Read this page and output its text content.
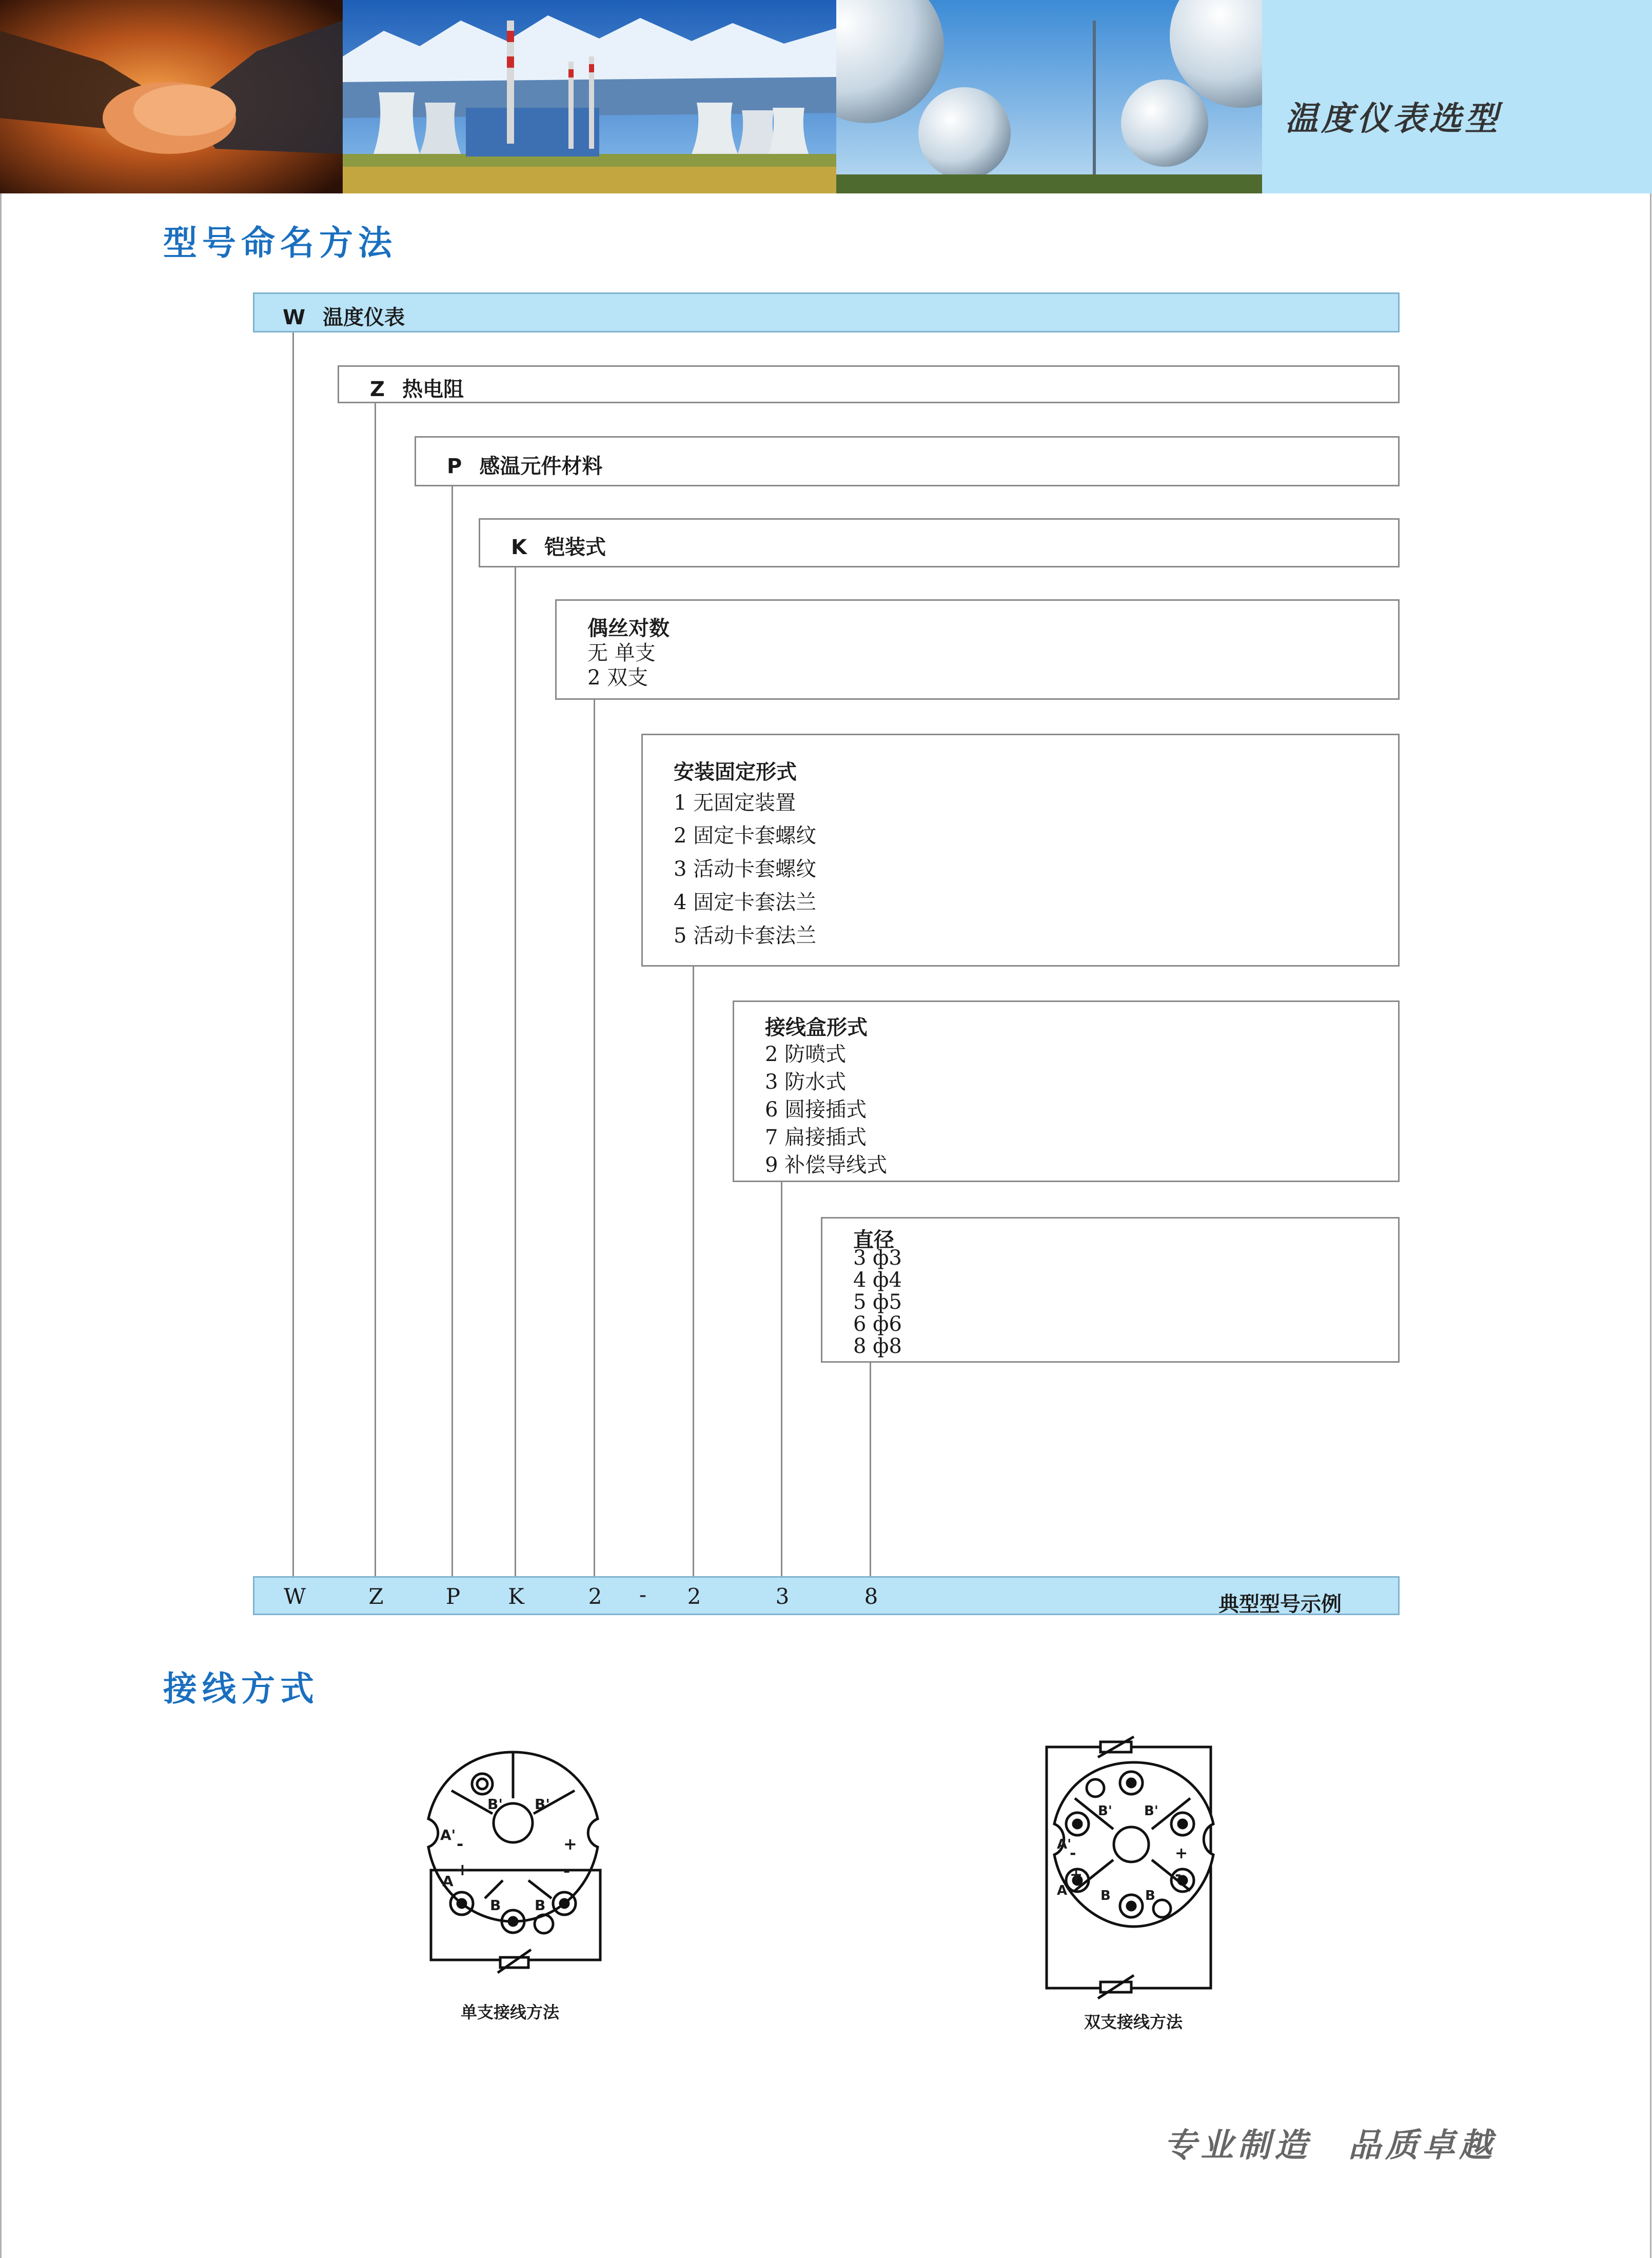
温度仪表选型
型号命名方法
W 温度仪表
Z 热电阻
P 感温元件材料
K 铠装式
偶丝对数
无 单支
2 双支
安装固定形式
1 无固定装置
2 固定卡套螺纹
3 活动卡套螺纹
4 固定卡套法兰
5 活动卡套法兰
接线盒形式
2 防喷式
3 防水式
6 圆接插式
7 扁接插式
9 补偿导线式
直径
3 ф3
4 ф4
5 ф5
6 ф6
8 ф8
W	Z	P K	2	-	2	3	8	典型型号示例
接线方式
B' B'
A' -	+
+
A
-
B B
单支接线方法
B' B'
A'
-	+
+
A
-
B	B
双支接线方法
专业制造　品质卓越
